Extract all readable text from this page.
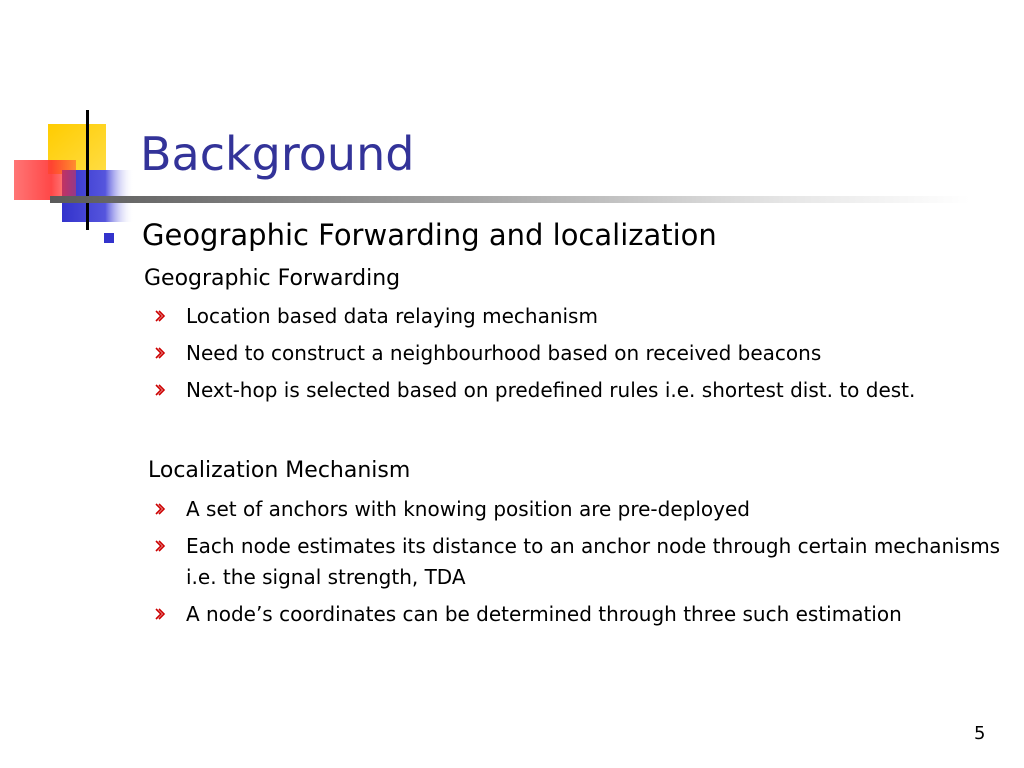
Background
Geographic Forwarding and localization
Geographic Forwarding
Location based data relaying mechanism
Need to construct a neighbourhood based on received beacons
Next-hop is selected based on predefined rules i.e. shortest dist. to dest.
Localization Mechanism
A set of anchors with knowing position are pre-deployed
Each node estimates its distance to an anchor node through certain mechanisms i.e. the signal strength, TDA
A node’s coordinates can be determined through three such estimation
5
